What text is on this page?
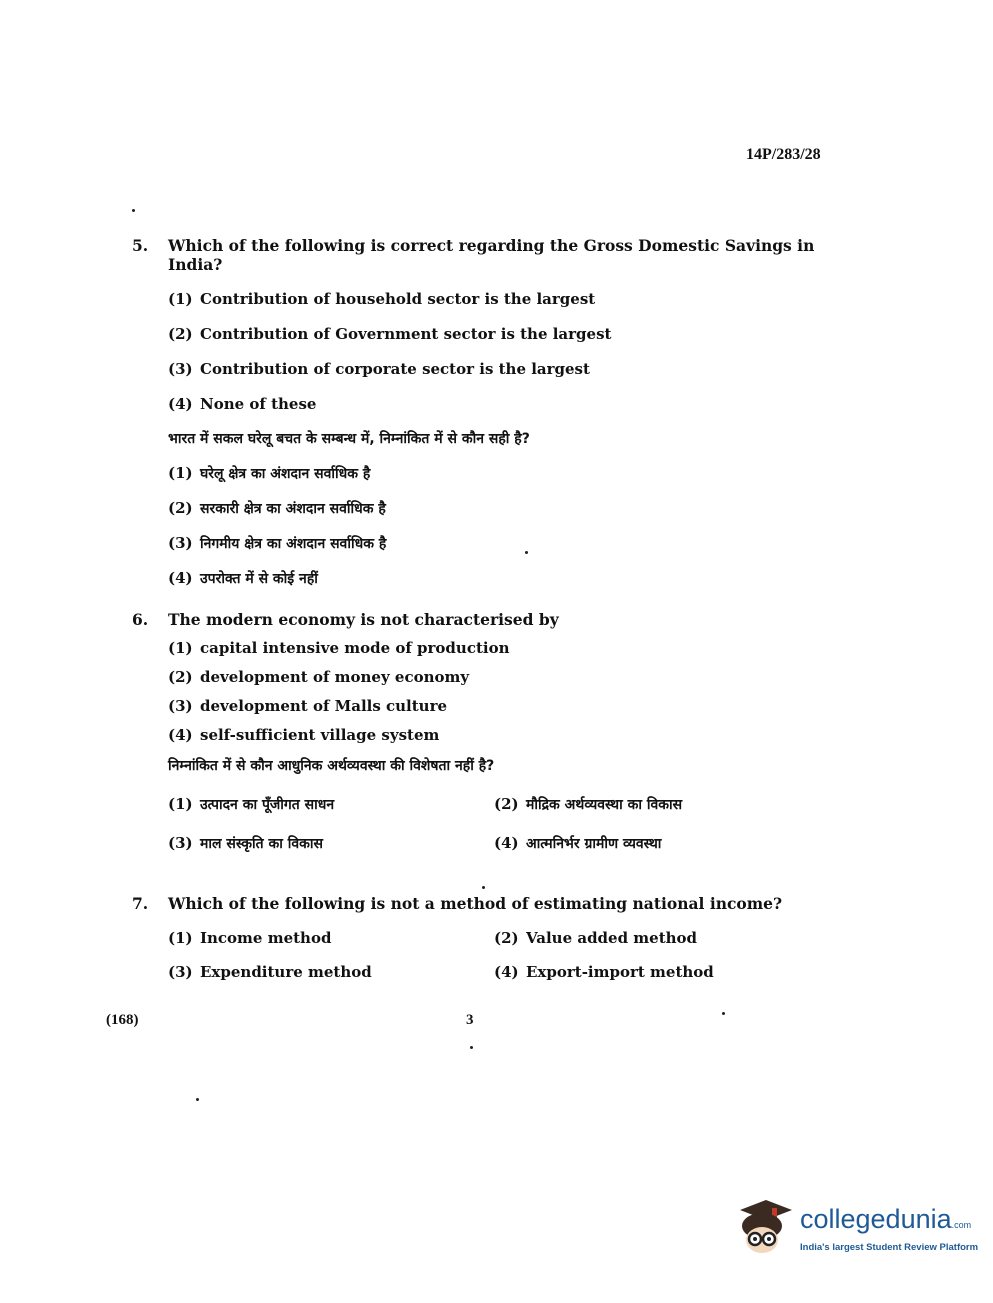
14P/283/28
5.	Which of the following is correct regarding the Gross Domestic Savings in India?
(1) Contribution of household sector is the largest
(2) Contribution of Government sector is the largest
(3) Contribution of corporate sector is the largest
(4) None of these
भारत में सकल घरेलू बचत के सम्बन्ध में, निम्नांकित में से कौन सही है?
(1) घरेलू क्षेत्र का अंशदान सर्वाधिक है
(2) सरकारी क्षेत्र का अंशदान सर्वाधिक है
(3) निगमीय क्षेत्र का अंशदान सर्वाधिक है
(4) उपरोक्त में से कोई नहीं
6.	The modern economy is not characterised by
(1) capital intensive mode of production
(2) development of money economy
(3) development of Malls culture
(4) self-sufficient village system
निम्नांकित में से कौन आधुनिक अर्थव्यवस्था की विशेषता नहीं है?
(1) उत्पादन का पूँजीगत साधन	(2) मौद्रिक अर्थव्यवस्था का विकास
(3) माल संस्कृति का विकास	(4) आत्मनिर्भर ग्रामीण व्यवस्था
7.	Which of the following is not a method of estimating national income?
(1) Income method	(2) Value added method
(3) Expenditure method	(4) Export-import method
(168)	3
collegedunia.com
India's largest Student Review Platform
